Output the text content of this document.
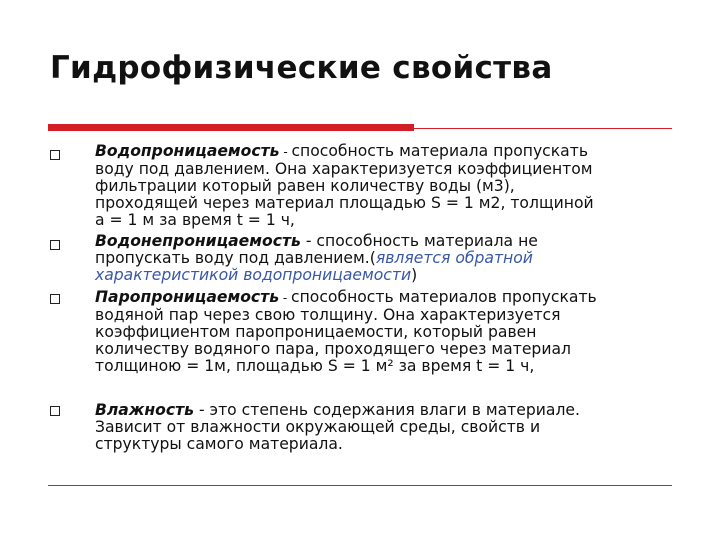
Гидрофизические свойства

Водопроницаемость - способность материала пропускать

воду под давлением. Она характеризуется коэффициентом

фильтрации который равен количеству воды (м3),

проходящей через материал площадью S = 1 м2, толщиной

a = 1 м за время t = 1 ч,

Водонепроницаемость - способность материала не

пропускать воду под давлением.(является обратной

характеристикой водопроницаемости)

Паропроницаемость - способность материалов пропускать

водяной пар через свою толщину. Она характеризуется

коэффициентом паропроницаемости, который равен

количеству водяного пара, проходящего через материал

толщиною = 1м, площадью S = 1 м² за время t = 1 ч,

Влажность - это степень содержания влаги в материале.

Зависит от влажности окружающей среды, свойств и

структуры самого материала.
